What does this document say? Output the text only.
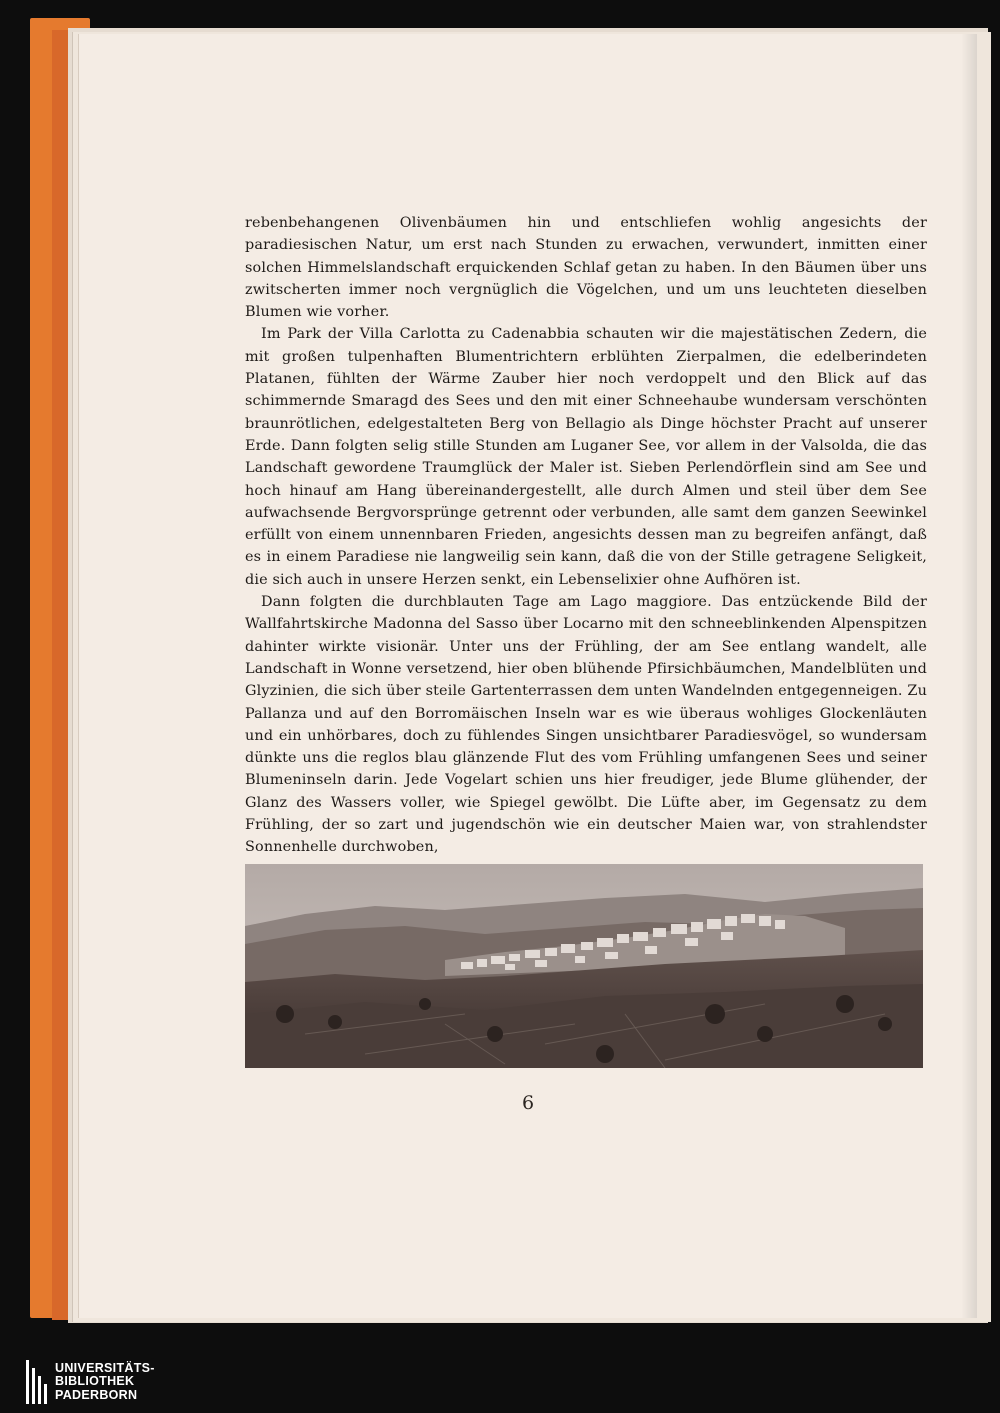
rebenbehangenen Olivenbäumen hin und entschliefen wohlig angesichts der paradiesischen Natur, um erst nach Stunden zu erwachen, verwundert, inmitten einer solchen Himmelslandschaft erquickenden Schlaf getan zu haben. In den Bäumen über uns zwitscherten immer noch vergnüglich die Vögelchen, und um uns leuchteten dieselben Blumen wie vorher.

Im Park der Villa Carlotta zu Cadenabbia schauten wir die majestätischen Zedern, die mit großen tulpenhaften Blumentrichtern erblühten Zierpalmen, die edelberindeten Platanen, fühlten der Wärme Zauber hier noch verdoppelt und den Blick auf das schimmernde Smaragd des Sees und den mit einer Schneehaube wundersam verschönten braunrötlichen, edelgestalteten Berg von Bellagio als Dinge höchster Pracht auf unserer Erde. Dann folgten selig stille Stunden am Luganer See, vor allem in der Valsolda, die das Landschaft gewordene Traumglück der Maler ist. Sieben Perlendörflein sind am See und hoch hinauf am Hang übereinandergestellt, alle durch Almen und steil über dem See aufwachsende Bergvorsprünge getrennt oder verbunden, alle samt dem ganzen Seewinkel erfüllt von einem unnennbaren Frieden, angesichts dessen man zu begreifen anfängt, daß es in einem Paradiese nie langweilig sein kann, daß die von der Stille getragene Seligkeit, die sich auch in unsere Herzen senkt, ein Lebenselixier ohne Aufhören ist.

Dann folgten die durchblauten Tage am Lago maggiore. Das entzückende Bild der Wallfahrtskirche Madonna del Sasso über Locarno mit den schneeblinkenden Alpenspitzen dahinter wirkte visionär. Unter uns der Frühling, der am See entlang wandelt, alle Landschaft in Wonne versetzend, hier oben blühende Pfirsichbäumchen, Mandelblüten und Glyzinien, die sich über steile Gartenterrassen dem unten Wandelnden entgegenneigen. Zu Pallanza und auf den Borromäischen Inseln war es wie überaus wohliges Glockenläuten und ein unhörbares, doch zu fühlendes Singen unsichtbarer Paradiesvögel, so wundersam dünkte uns die reglos blau glänzende Flut des vom Frühling umfangenen Sees und seiner Blumeninseln darin. Jede Vogelart schien uns hier freudiger, jede Blume glühender, der Glanz des Wassers voller, wie Spiegel gewölbt. Die Lüfte aber, im Gegensatz zu dem Frühling, der so zart und jugendschön wie ein deutscher Maien war, von strahlendster Sonnenhelle durchwoben,

6
UNIVERSITÄTS-
BIBLIOTHEK
PADERBORN
